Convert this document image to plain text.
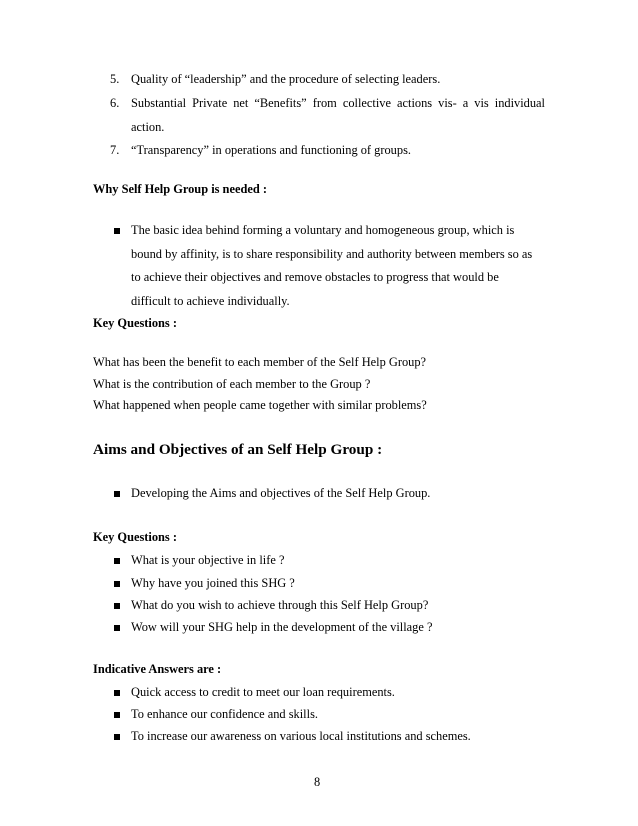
5. Quality of “leadership” and the procedure of selecting leaders.
6. Substantial Private net “Benefits” from collective actions vis- a vis individual
action.
7. “Transparency” in operations and functioning of groups.
Why Self Help Group is needed :
The basic idea behind forming a voluntary and homogeneous group, which is
bound by affinity, is to share responsibility and authority between members so as
to achieve their objectives and remove obstacles to progress that would be
difficult to achieve individually.
Key Questions :
What has been the benefit to each member of the Self Help Group?
What is the contribution of each member to the Group ?
What happened when people came together with similar problems?
Aims and Objectives of an Self Help Group :
Developing the Aims and objectives of the Self Help Group.
Key Questions :
What is your objective in life ?
Why have you joined this SHG ?
What do you wish to achieve through this Self Help Group?
Wow will your SHG help in the development of the village ?
Indicative Answers are :
Quick access to credit to meet our loan requirements.
To enhance our confidence and skills.
To increase our awareness on various local institutions and schemes.
8
